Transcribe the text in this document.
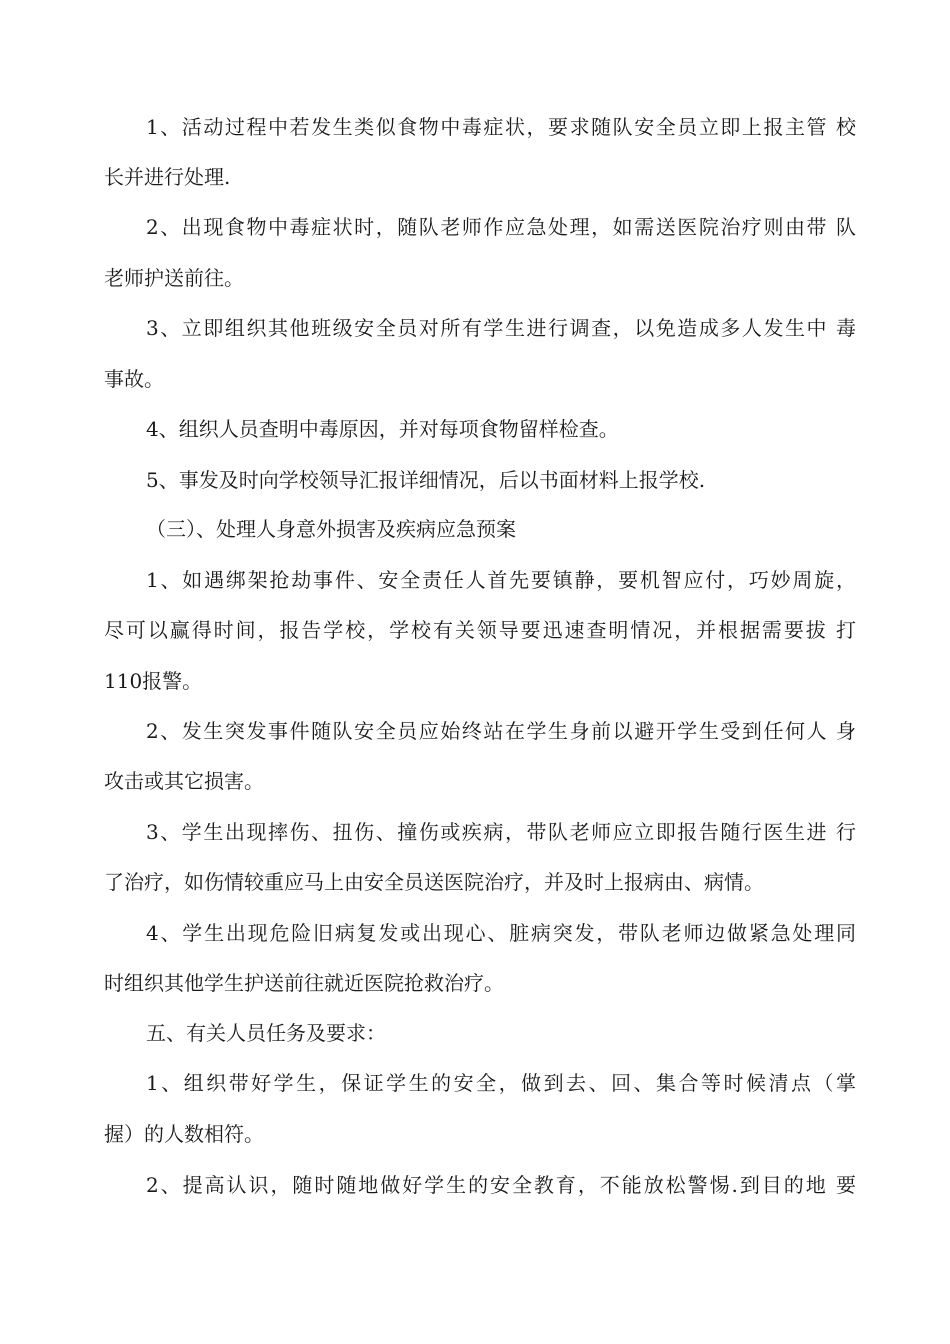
1、活动过程中若发生类似食物中毒症状，要求随队安全员立即上报主管 校
长并进行处理.
2、出现食物中毒症状时，随队老师作应急处理，如需送医院治疗则由带 队
老师护送前往。
3、立即组织其他班级安全员对所有学生进行调查，以免造成多人发生中 毒
事故。
4、组织人员查明中毒原因，并对每项食物留样检查。
5、事发及时向学校领导汇报详细情况，后以书面材料上报学校.
（三）、处理人身意外损害及疾病应急预案
1、如遇绑架抢劫事件、安全责任人首先要镇静，要机智应付，巧妙周旋，
尽可以赢得时间，报告学校，学校有关领导要迅速查明情况，并根据需要拔 打
110报警。
2、发生突发事件随队安全员应始终站在学生身前以避开学生受到任何人 身
攻击或其它损害。
3、学生出现摔伤、扭伤、撞伤或疾病，带队老师应立即报告随行医生进 行
了治疗，如伤情较重应马上由安全员送医院治疗，并及时上报病由、病情。
4、学生出现危险旧病复发或出现心、脏病突发，带队老师边做紧急处理同
时组织其他学生护送前往就近医院抢救治疗。
五、有关人员任务及要求：
1、组织带好学生，保证学生的安全，做到去、回、集合等时候清点（掌
握）的人数相符。
2、提高认识，随时随地做好学生的安全教育，不能放松警惕.到目的地 要
